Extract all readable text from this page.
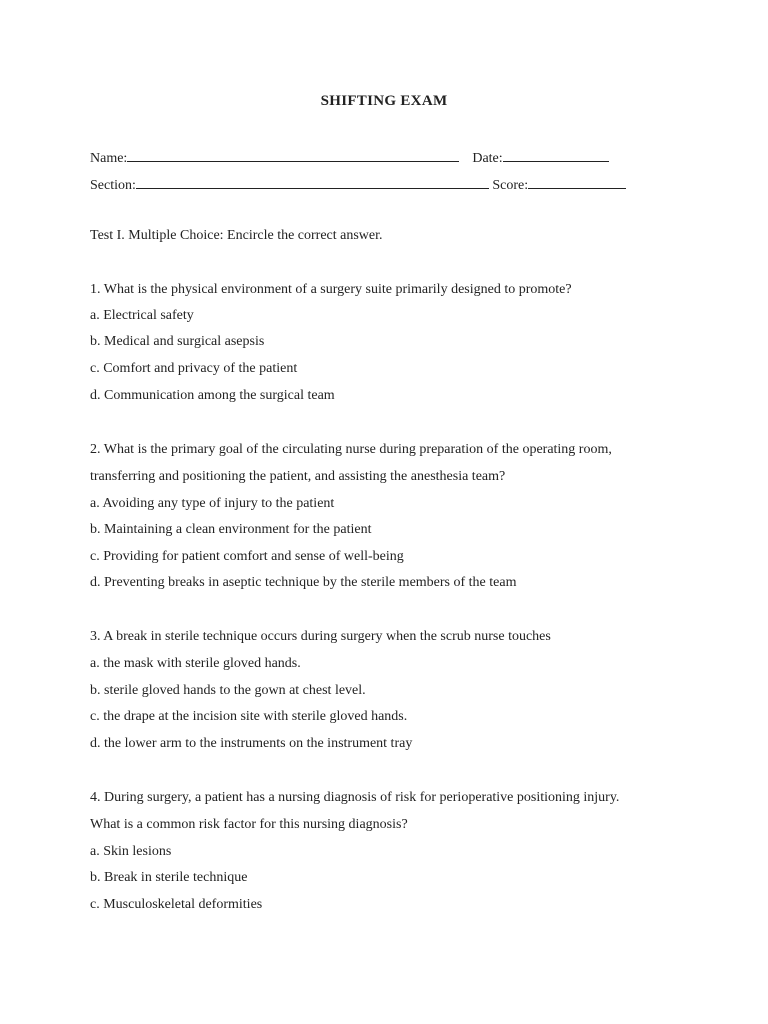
SHIFTING EXAM
Name:	Date:
Section:	Score:
Test I. Multiple Choice: Encircle the correct answer.
1. What is the physical environment of a surgery suite primarily designed to promote?
a. Electrical safety
b. Medical and surgical asepsis
c. Comfort and privacy of the patient
d. Communication among the surgical team
2. What is the primary goal of the circulating nurse during preparation of the operating room,
transferring and positioning the patient, and assisting the anesthesia team?
a. Avoiding any type of injury to the patient
b. Maintaining a clean environment for the patient
c. Providing for patient comfort and sense of well-being
d. Preventing breaks in aseptic technique by the sterile members of the team
3. A break in sterile technique occurs during surgery when the scrub nurse touches
a. the mask with sterile gloved hands.
b. sterile gloved hands to the gown at chest level.
c. the drape at the incision site with sterile gloved hands.
d. the lower arm to the instruments on the instrument tray
4. During surgery, a patient has a nursing diagnosis of risk for perioperative positioning injury.
What is a common risk factor for this nursing diagnosis?
a. Skin lesions
b. Break in sterile technique
c. Musculoskeletal deformities
